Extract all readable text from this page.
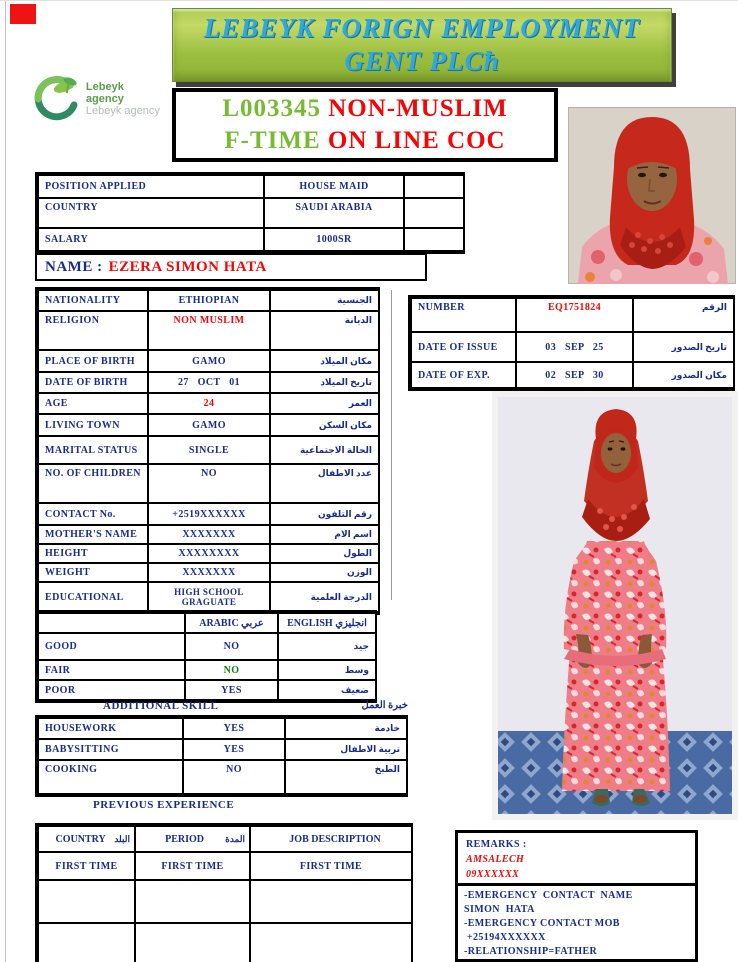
LEBEYK FORIGN EMPLOYMENT
GENT PLCħ
Lebeyk agency
Lebeyk agency L003345 NON-MUSLIM
F-TIME ON LINE COC
POSITION APPLIED	HOUSE MAID	
COUNTRY	SAUDI ARABIA	
SALARY	1000SR	
NAME : EZERA SIMON HATA
NATIONALITY	ETHIOPIAN	الجنسية
RELIGION	NON MUSLIM	الديانة
PLACE OF BIRTH	GAMO	مكان الميلاد
DATE OF BIRTH	27 OCT 01	تاريخ الميلاد
AGE	24	العمر
LIVING TOWN	GAMO	مكان السكن
MARITAL STATUS	SINGLE	الحالة الاجتماعية
NO. OF CHILDREN	NO	عدد الاطفال
CONTACT No.	+2519XXXXXX	رقم التلفون
MOTHER'S NAME	XXXXXXX	اسم الام
HEIGHT	XXXXXXXX	الطول
WEIGHT	XXXXXXX	الوزن
EDUCATIONAL	HIGH SCHOOL GRAGUATE	الدرجة العلمية
NUMBER	EQ1751824	الرقم
DATE OF ISSUE	03 SEP 25	تاريخ الصدور
DATE OF EXP.	02 SEP 30	مكان الصدور
	ARABIC عربي	ENGLISH انجليزي
GOOD	NO	جيد
FAIR	NO	وسط
POOR	YES	ضعيف
ADDITIONAL SKILL	خبرة العمل
HOUSEWORK	YES	خادمة
BABYSITTING	YES	تربية الاطفال
COOKING	NO	الطبخ
PREVIOUS EXPERIENCE
COUNTRY البلد	PERIOD المدة	JOB DESCRIPTION
FIRST TIME	FIRST TIME	FIRST TIME

REMARKS :
AMSALECH
09XXXXXX
-EMERGENCY  CONTACT  NAME
SIMON  HATA
-EMERGENCY CONTACT MOB
+25194XXXXXX
-RELATIONSHIP=FATHER
